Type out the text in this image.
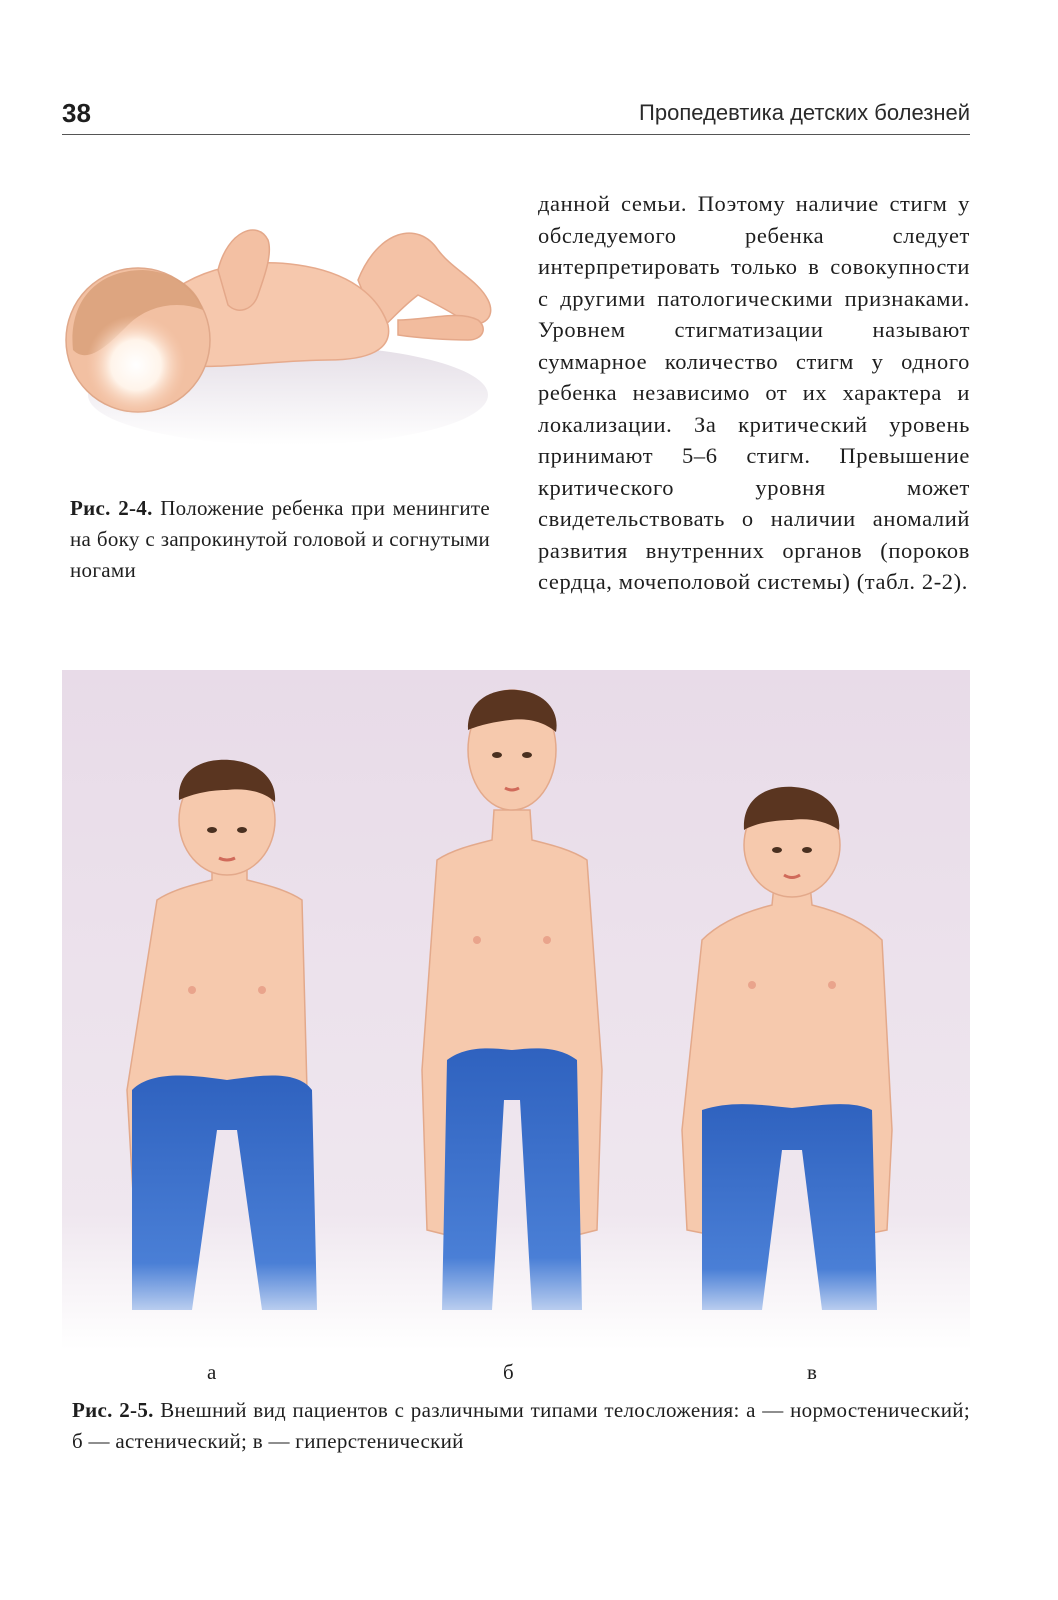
38	Пропедевтика детских болезней
Рис. 2-4. Положение ребенка при менингите на боку с запрокинутой головой и согнутыми ногами

данной семьи. Поэтому наличие стигм у обследуемого ребенка следует интерпретировать только в совокупности с другими патологическими признаками. Уровнем стигматизации называют суммарное количество стигм у одного ребенка независимо от их характера и локализации. За критический уровень принимают 5–6 стигм. Превышение критического уровня может свидетельствовать о наличии аномалий развития внутренних органов (пороков сердца, мочеполовой системы) (табл. 2-2).

а	б	в
Рис. 2-5. Внешний вид пациентов с различными типами телосложения: а — нормостенический; б — астенический; в — гиперстенический
